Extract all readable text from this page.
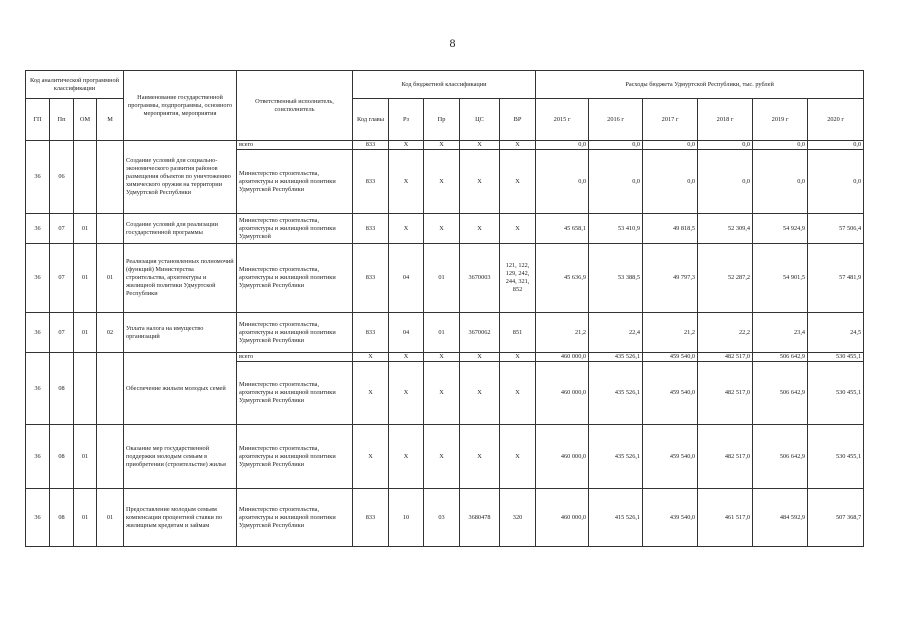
8
Код аналитической программной классификации				Наименование государственной программы, подпрограммы, основного мероприятия, мероприятия	Ответственный исполнитель, соисполнитель	Код бюджетной классификации					Расходы бюджета Удмуртской Республики, тыс. рублей					
ГП	Пп	ОМ	М			Код главы	Рз	Пр	ЦС	ВР	2015 г	2016 г	2017 г	2018 г	2019 г	2020 г
36	06			Создание условий для социально-экономического развития районов размещения объектов по уничтожению химического оружия на территории Удмуртской Республики	всего	833	X	X	X	X	0,0	0,0	0,0	0,0	0,0	0,0
					Министерство строительства, архитектуры и жилищной политики Удмуртской Республики	833	X	X	X	X	0,0	0,0	0,0	0,0	0,0	0,0
36	07	01		Создание условий для реализации государственной программы	Министерство строительства, архитектуры и жилищной политики Удмуртской	833	X	X	X	X	45 658,1	53 410,9	49 818,5	52 309,4	54 924,9	57 506,4
36	07	01	01	Реализация установленных полномочий (функций) Министерства строительства, архитектуры и жилищной политики Удмуртской Республики	Министерство строительства, архитектуры и жилищной политики Удмуртской Республики	833	04	01	3670003	121, 122, 129, 242, 244, 321, 852	45 636,9	53 388,5	49 797,3	52 287,2	54 901,5	57 481,9
36	07	01	02	Уплата налога на имущество организаций	Министерство строительства, архитектуры и жилищной политики Удмуртской Республики	833	04	01	3670062	851	21,2	22,4	21,2	22,2	23,4	24,5
36	08			Обеспечение жильем молодых семей	всего	X	X	X	X	X	460 000,0	435 526,1	459 540,0	482 517,0	506 642,9	530 455,1
					Министерство строительства, архитектуры и жилищной политики Удмуртской Республики	X	X	X	X	X	460 000,0	435 526,1	459 540,0	482 517,0	506 642,9	530 455,1
36	08	01		Оказание мер государственной поддержки молодым семьям в приобретении (строительстве) жилья	Министерство строительства, архитектуры и жилищной политики Удмуртской Республики	X	X	X	X	X	460 000,0	435 526,1	459 540,0	482 517,0	506 642,9	530 455,1
36	08	01	01	Предоставление молодым семьям компенсации процентной ставки по жилищным кредитам и займам	Министерство строительства, архитектуры и жилищной политики Удмуртской Республики	833	10	03	3680478	320	460 000,0	415 526,1	439 540,0	461 517,0	484 592,9	507 368,7
